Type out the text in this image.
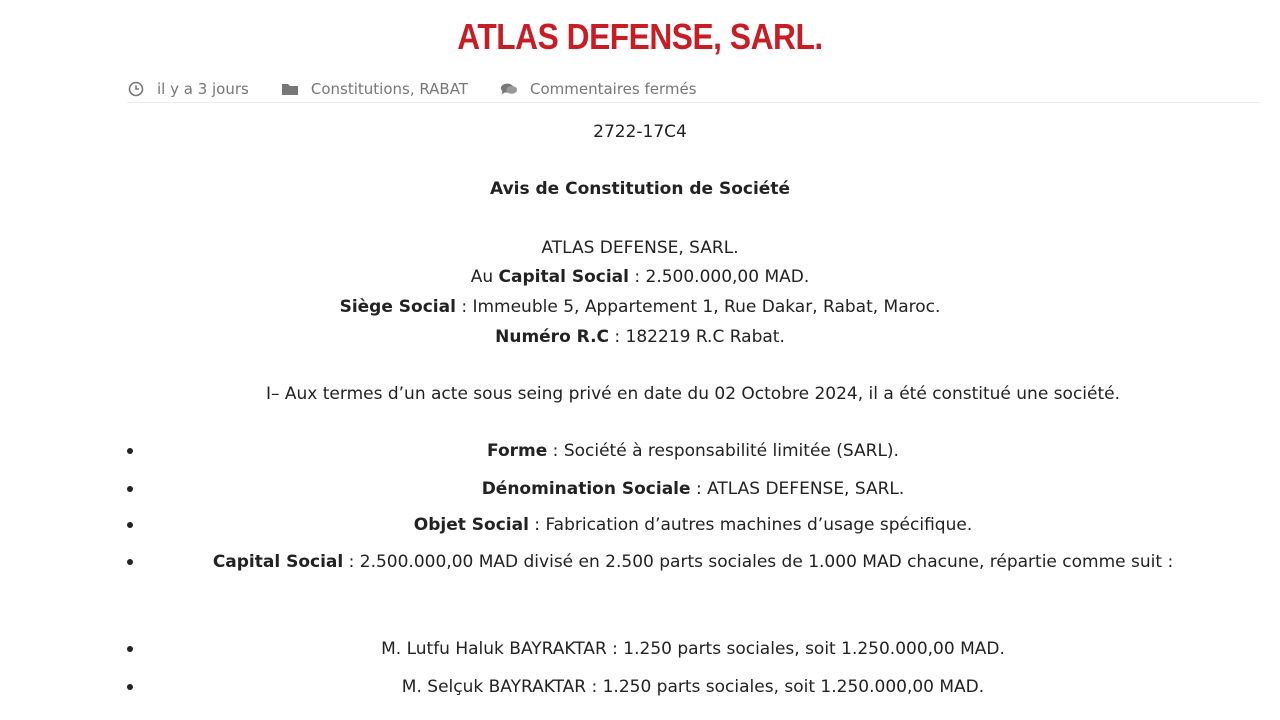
ATLAS DEFENSE, SARL.
il y a 3 jours	Constitutions, RABAT	Commentaires fermés
2722-17C4
Avis de Constitution de Société
ATLAS DEFENSE, SARL.
Au Capital Social : 2.500.000,00 MAD.
Siège Social : Immeuble 5, Appartement 1, Rue Dakar, Rabat, Maroc.
Numéro R.C : 182219 R.C Rabat.
I– Aux termes d’un acte sous seing privé en date du 02 Octobre 2024, il a été constitué une société.
Forme : Société à responsabilité limitée (SARL).
Dénomination Sociale : ATLAS DEFENSE, SARL.
Objet Social : Fabrication d’autres machines d’usage spécifique.
Capital Social : 2.500.000,00 MAD divisé en 2.500 parts sociales de 1.000 MAD chacune, répartie comme suit :
M. Lutfu Haluk BAYRAKTAR : 1.250 parts sociales, soit 1.250.000,00 MAD.
M. Selçuk BAYRAKTAR : 1.250 parts sociales, soit 1.250.000,00 MAD.
